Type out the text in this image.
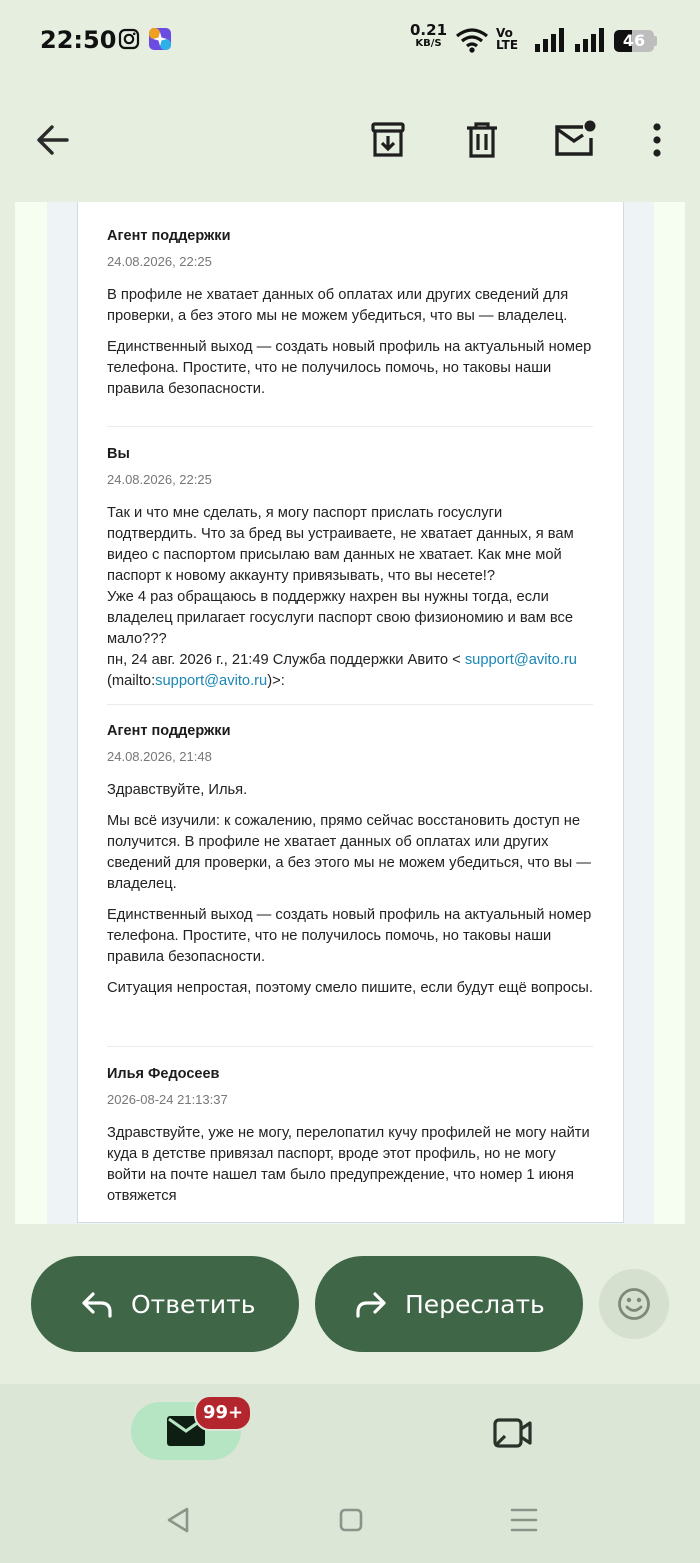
22:50	0.21
KB/S
Vo
LTE	46
Агент поддержки
24.08.2026, 22:25

В профиле не хватает данных об оплатах или других сведений для проверки, а без этого мы не можем убедиться, что вы — владелец.

Единственный выход — создать новый профиль на актуальный номер телефона. Простите, что не получилось помочь, но таковы наши правила безопасности.

Вы
24.08.2026, 22:25

Так и что мне сделать, я могу паспорт прислать госуслуги подтвердить. Что за бред вы устраиваете, не хватает данных, я вам видео с паспортом присылаю вам данных не хватает. Как мне мой паспорт к новому аккаунту привязывать, что вы несете!?

Уже 4 раз обращаюсь в поддержку нахрен вы нужны тогда, если владелец прилагает госуслуги паспорт свою физиономию и вам все мало???

пн, 24 авг. 2026 г., 21:49 Служба поддержки Авито < support@avito.ru
(mailto:support@avito.ru)>:

Агент поддержки
24.08.2026, 21:48

Здравствуйте, Илья.

Мы всё изучили: к сожалению, прямо сейчас восстановить доступ не получится. В профиле не хватает данных об оплатах или других сведений для проверки, а без этого мы не можем убедиться, что вы — владелец.

Единственный выход — создать новый профиль на актуальный номер телефона. Простите, что не получилось помочь, но таковы наши правила безопасности.

Ситуация непростая, поэтому смело пишите, если будут ещё вопросы.

Илья Федосеев
2026-08-24 21:13:37

Здравствуйте, уже не могу, перелопатил кучу профилей не могу найти куда в детстве привязал паспорт, вроде этот профиль, но не могу войти на почте нашел там было предупреждение, что номер 1 июня отвяжется

Ответить	Переслать
99+
